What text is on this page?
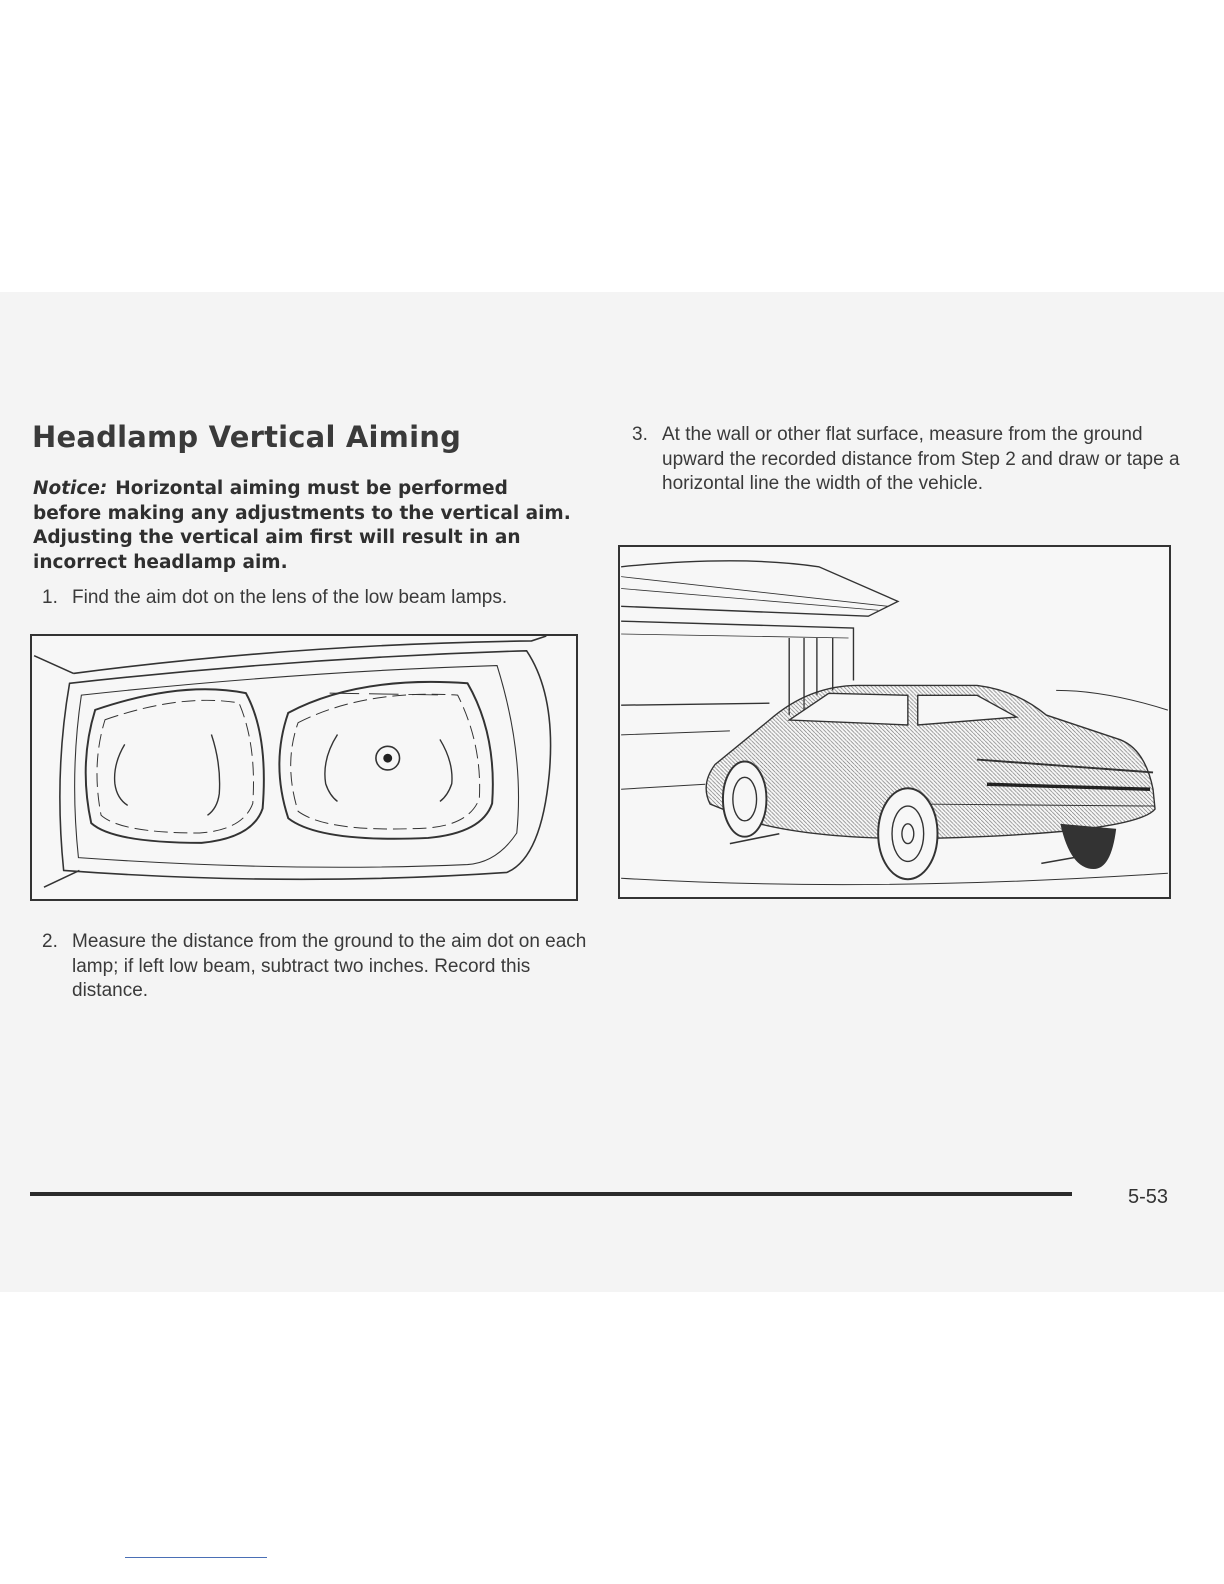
Headlamp Vertical Aiming

Notice: Horizontal aiming must be performed before making any adjustments to the vertical aim. Adjusting the vertical aim first will result in an incorrect headlamp aim.

1. Find the aim dot on the lens of the low beam lamps.

2. Measure the distance from the ground to the aim dot on each lamp; if left low beam, subtract two inches. Record this distance.

3. At the wall or other flat surface, measure from the ground upward the recorded distance from Step 2 and draw or tape a horizontal line the width of the vehicle.

5-53
